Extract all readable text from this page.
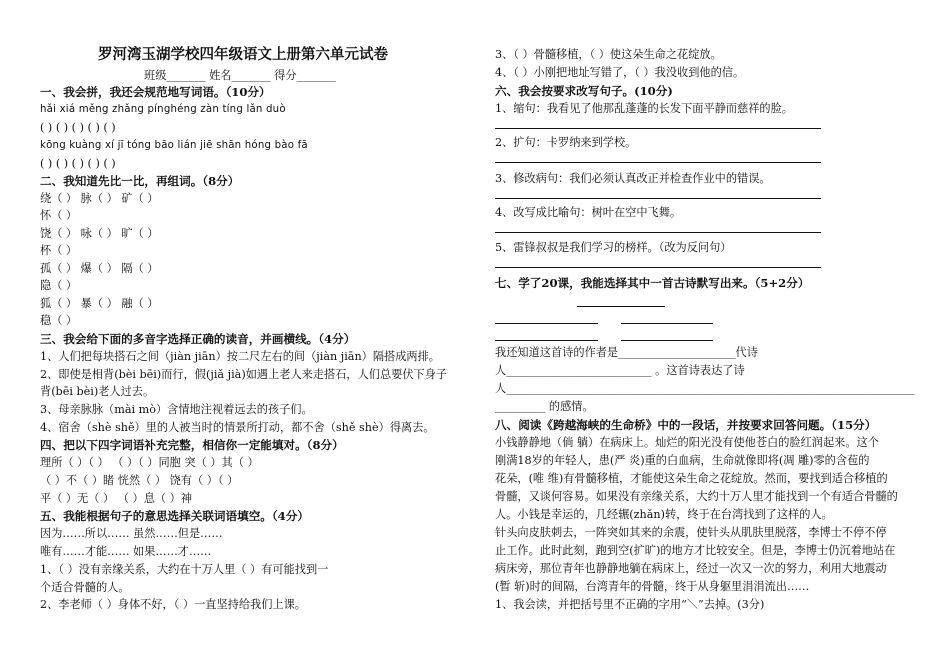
罗河湾玉湖学校四年级语文上册第六单元试卷
班级_______ 姓名_______ 得分_______
一、我会拼，我还会规范地写词语。（10分）
hǎi xiá měng zhǎng pínghéng zàn tíng lǎn duò
( ) ( ) ( ) ( ) ( )
kōng kuàng xí jī tóng bāo lián jiē shān hóng bào fā
( ) ( ) ( ) ( ) ( )
二、我知道先比一比，再组词。（8分）
绕（ ） 脉（ ） 矿（ ）
怀（ ）
饶（ ） 咏（ ） 旷（ ）
杯（ ）
孤（ ） 爆（ ） 隔（ ）
隐（ ）
狐（ ） 暴（ ） 融（ ）
稳（ ）
三、我会给下面的多音字选择正确的读音，并画横线。（4分）
1、人们把每块搭石之间（jiàn jiān）按二尺左右的间（jiàn jiān）隔搭成两排。
2、即使是相背(bèi bēi)而行，假(jiǎ jià)如遇上老人来走搭石，人们总要伏下身子
背(bēi bèi)老人过去。
3、母亲脉脉（mài mò）含情地注视着远去的孩子们。
4、宿舍（shè shě）里的人被当时的情景所打动，都不舍（shě shè）得离去。
四、把以下四字词语补充完整，相信你一定能填对。（8分）
理所（ ）（ ） （ ）（ ）同胞 突（ ）其（ ）
（ ）不（ ）睹 恍然（ ） 饶有（ ）（ ）
平（ ）无（ ） （ ）息（ ）神
五、我能根据句子的意思选择关联词语填空。（4分）
因为……所以…… 虽然……但是……
唯有……才能…… 如果……才……
1、（ ）没有亲缘关系，大约在十万人里（ ）有可能找到一
个适合骨髓的人。
2、李老师（ ）身体不好，（ ）一直坚持给我们上课。
3、（ ）骨髓移植，（ ）使这朵生命之花绽放。
4、（ ）小刚把地址写错了，（ ）我没收到他的信。
六、我会按要求改写句子。(10分)
1、缩句：我看见了他那乱蓬蓬的长发下面平静而慈祥的脸。
2、扩句：卡罗纳来到学校。
3、修改病句：我们必须认真改正并检查作业中的错误。
4、改写成比喻句：树叶在空中飞舞。
5、雷锋叔叔是我们学习的榜样。（改为反问句）
七、学了20课，我能选择其中一首古诗默写出来。（5+2分）
我还知道这首诗的作者是_____________________代诗
人__________________________ 。这首诗表达了诗
人_________________________________________________________________________
_________ 的感情。
八、阅读《跨越海峡的生命桥》中的一段话，并按要求回答问题。（15分）
小钱静静地（倘 躺）在病床上。灿烂的阳光没有使他苍白的脸红润起来。这个
刚满18岁的年轻人，患(严 炎)重的白血病，生命就像即将(凋 雕)零的含苞的
花朵，(唯 维)有骨髓移植，才能使这朵生命之花绽放。然而，要找到适合移植的
骨髓，又谈何容易。如果没有亲缘关系，大约十万人里才能找到一个有适合骨髓的
人。小钱是幸运的，几经辗(zhǎn)转，终于在台湾找到了这样的人。
针头向皮肤刺去，一阵突如其来的余震，使针头从肌肤里脱落，李博士不停不停
止工作。此时此刻，跑到空(扩旷)的地方才比较安全。但是，李博士仍沉着地站在
病床旁，那位青年也静静地躺在病床上，经过一次又一次的努力，利用大地震动
(暂 斩)时的间隔，台湾青年的骨髓，终于从身躯里涓涓流出……
1、我会读，并把括号里不正确的字用“＼”去掉。(3分)
